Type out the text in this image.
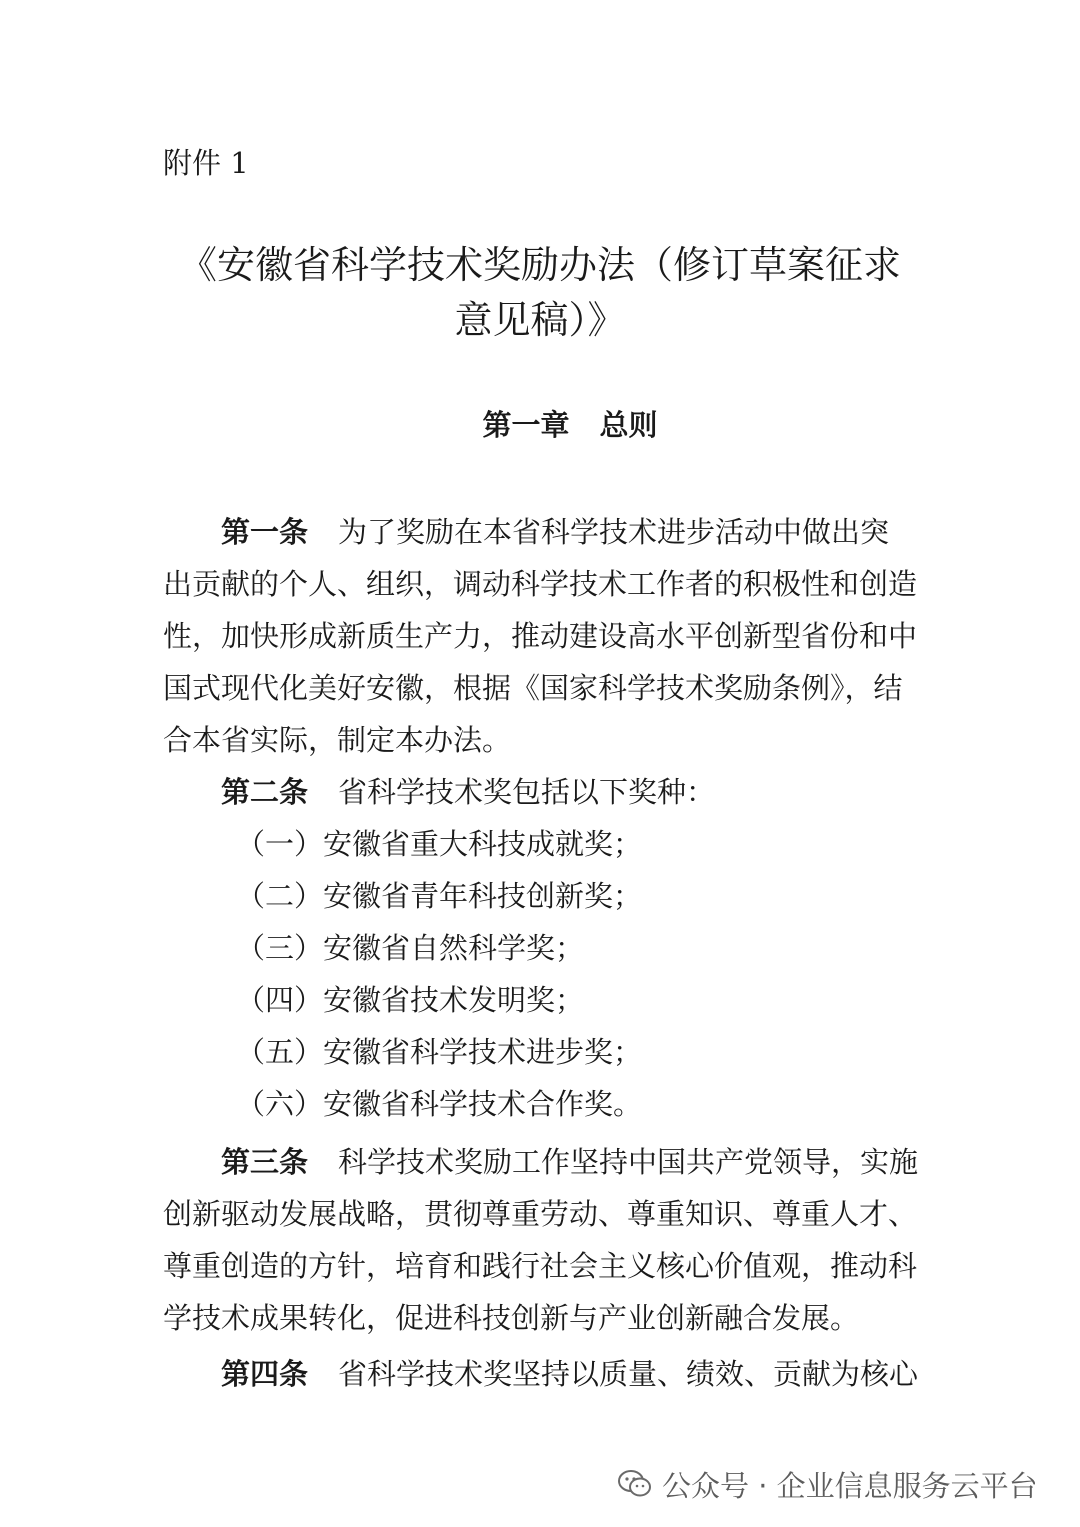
附件 1
《安徽省科学技术奖励办法（修订草案征求
意见稿）》
第一章 总则
第一条 为了奖励在本省科学技术进步活动中做出突
出贡献的个人、组织，调动科学技术工作者的积极性和创造
性，加快形成新质生产力，推动建设高水平创新型省份和中
国式现代化美好安徽，根据《国家科学技术奖励条例》，结
合本省实际，制定本办法。
第二条 省科学技术奖包括以下奖种：
（一）安徽省重大科技成就奖；
（二）安徽省青年科技创新奖；
（三）安徽省自然科学奖；
（四）安徽省技术发明奖；
（五）安徽省科学技术进步奖；
（六）安徽省科学技术合作奖。
第三条 科学技术奖励工作坚持中国共产党领导，实施
创新驱动发展战略，贯彻尊重劳动、尊重知识、尊重人才、
尊重创造的方针，培育和践行社会主义核心价值观，推动科
学技术成果转化，促进科技创新与产业创新融合发展。
第四条 省科学技术奖坚持以质量、绩效、贡献为核心
公众号 · 企业信息服务云平台
